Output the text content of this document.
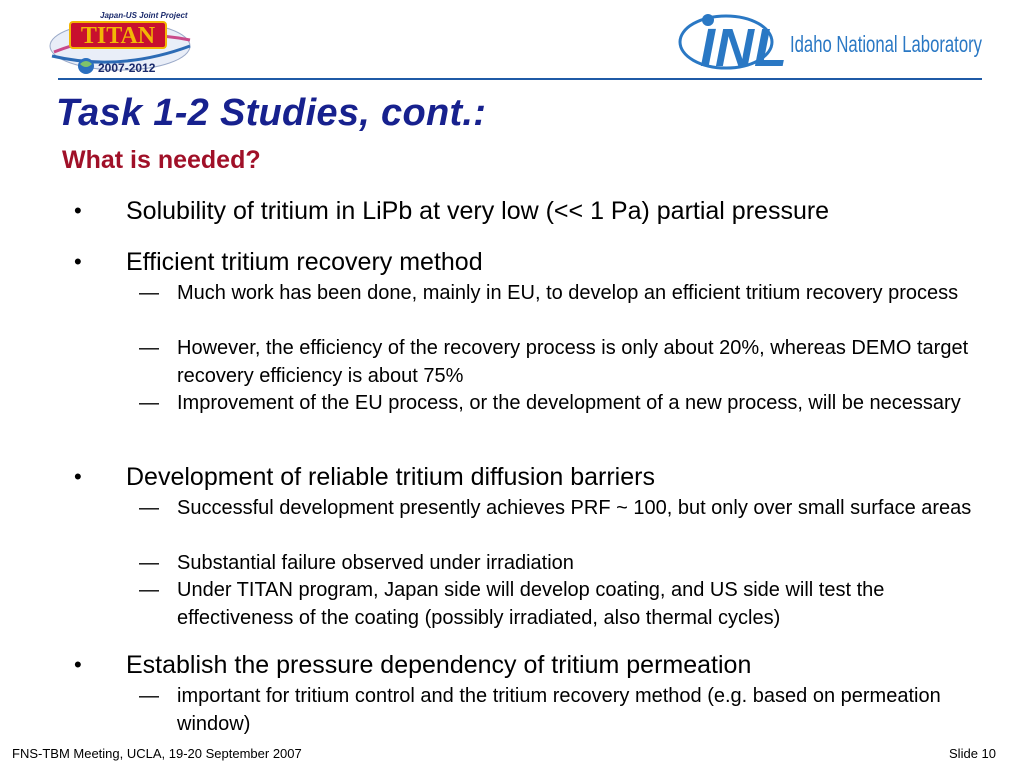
Japan-US Joint Project
TITAN
2007-2012	INL Idaho National Laboratory
Task 1-2 Studies, cont.:
What is needed?
• Solubility of tritium in LiPb at very low (<< 1 Pa) partial pressure
• Efficient tritium recovery method
— Much work has been done, mainly in EU, to develop an efficient tritium recovery process
— However, the efficiency of the recovery process is only about 20%, whereas DEMO target recovery efficiency is about 75%
— Improvement of the EU process, or the development of a new process, will be necessary
• Development of reliable tritium diffusion barriers
— Successful development presently achieves PRF ~ 100, but only over small surface areas
— Substantial failure observed under irradiation
— Under TITAN program, Japan side will develop coating, and US side will test the effectiveness of the coating (possibly irradiated, also thermal cycles)
• Establish the pressure dependency of tritium permeation
— important for tritium control and the tritium recovery method (e.g. based on permeation window)
FNS-TBM Meeting, UCLA, 19-20 September 2007	Slide 10
